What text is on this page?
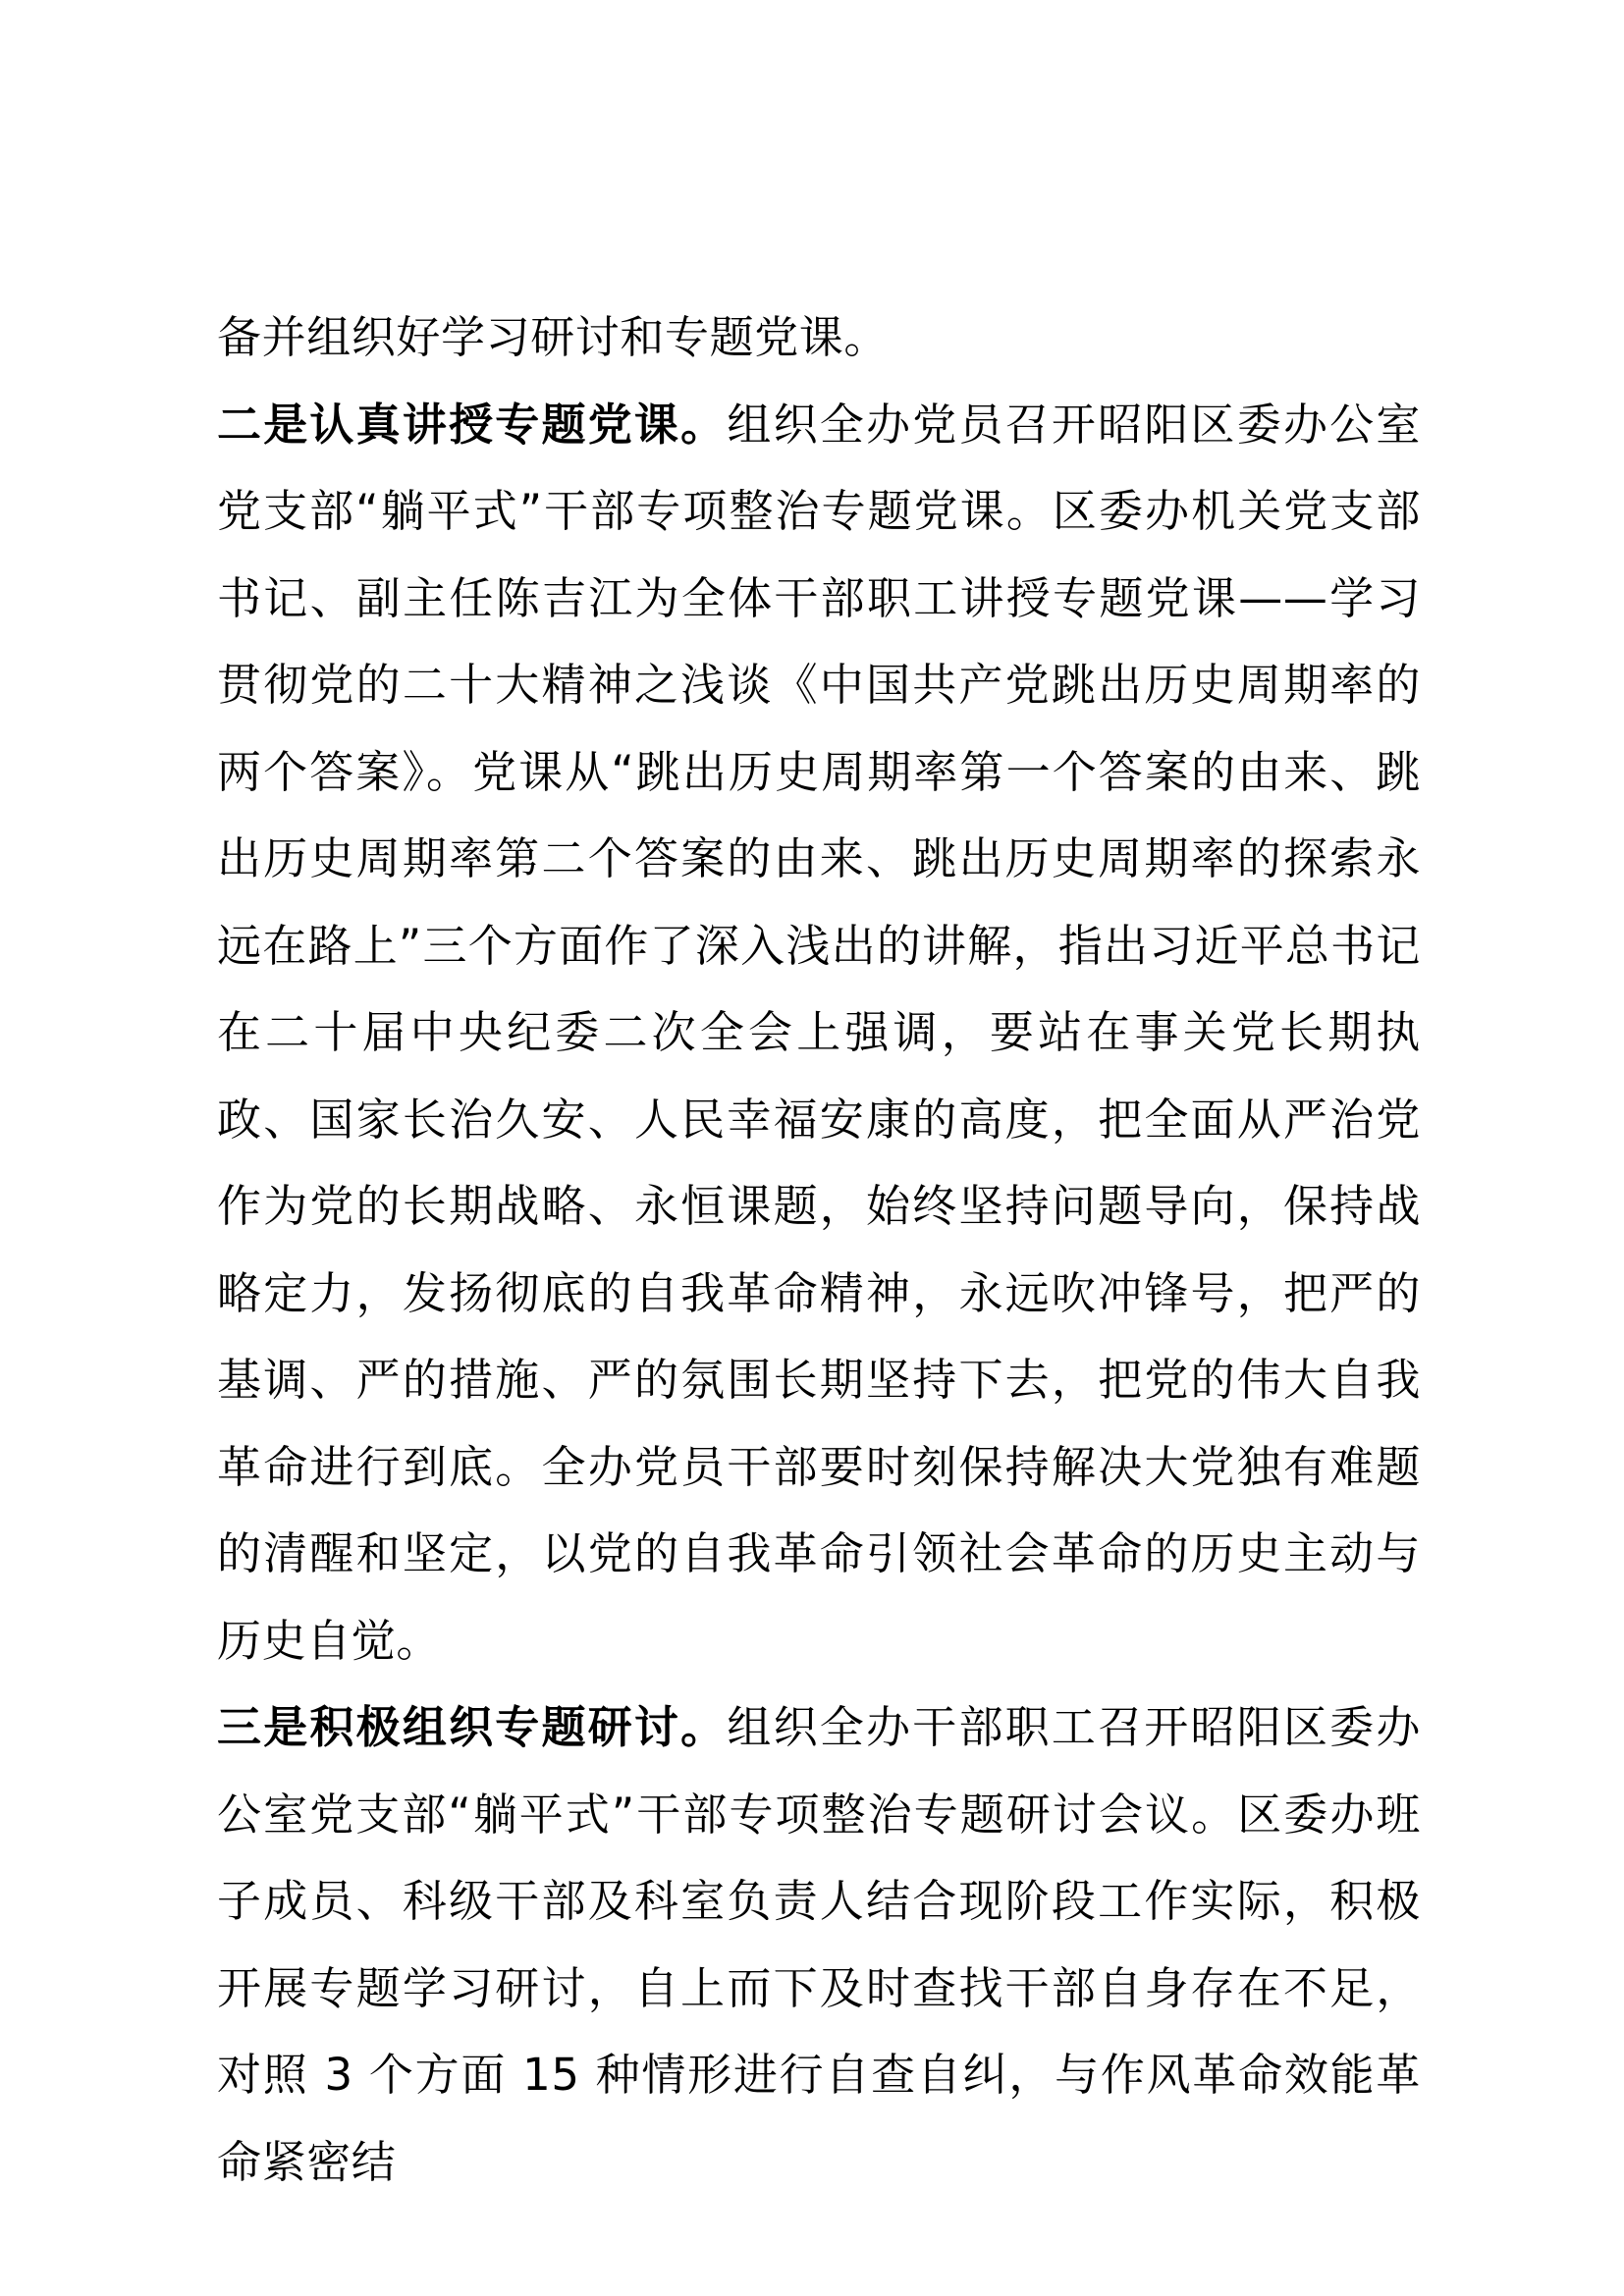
备并组织好学习研讨和专题党课。

二是认真讲授专题党课。组织全办党员召开昭阳区委办公室党支部“躺平式”干部专项整治专题党课。区委办机关党支部书记、副主任陈吉江为全体干部职工讲授专题党课——学习贯彻党的二十大精神之浅谈《中国共产党跳出历史周期率的两个答案》。党课从“跳出历史周期率第一个答案的由来、跳出历史周期率第二个答案的由来、跳出历史周期率的探索永远在路上”三个方面作了深入浅出的讲解，指出习近平总书记在二十届中央纪委二次全会上强调，要站在事关党长期执政、国家长治久安、人民幸福安康的高度，把全面从严治党作为党的长期战略、永恒课题，始终坚持问题导向，保持战略定力，发扬彻底的自我革命精神，永远吹冲锋号，把严的基调、严的措施、严的氛围长期坚持下去，把党的伟大自我革命进行到底。全办党员干部要时刻保持解决大党独有难题的清醒和坚定，以党的自我革命引领社会革命的历史主动与历史自觉。

三是积极组织专题研讨。组织全办干部职工召开昭阳区委办公室党支部“躺平式”干部专项整治专题研讨会议。区委办班子成员、科级干部及科室负责人结合现阶段工作实际，积极开展专题学习研讨，自上而下及时查找干部自身存在不足，对照 3 个方面 15 种情形进行自查自纠，与作风革命效能革命紧密结
